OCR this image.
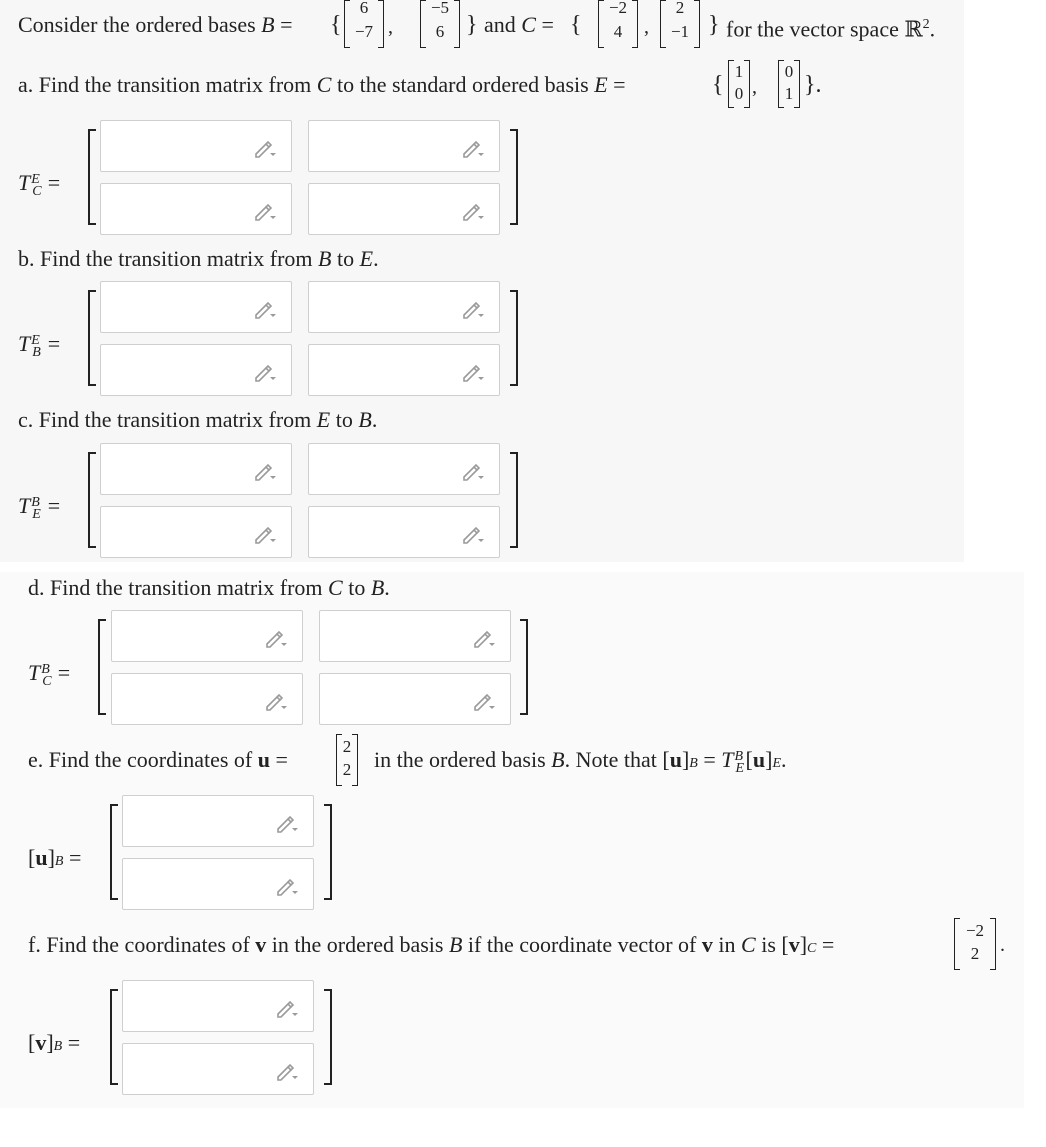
Consider the ordered bases B = {
6
−7 ,
−5
6 } and C = {
−2
4	,
2
−1 } for the vector space ℝ$^2$.
a. Find the transition matrix from C to the standard ordered basis E =	{
1
0 ,
0
1 }.
T E
C =
b. Find the transition matrix from B to E.
T E
B =
c. Find the transition matrix from E to B.
T B
E =
d. Find the transition matrix from C to B.
T B
C =
e. Find the coordinates of u =
2
2	in the ordered basis B. Note that [u]B = T B
E [u]E.
[u]B =
f. Find the coordinates of v in the ordered basis B if the coordinate vector of v in C is [v]C =
−2
2	.
[v]B =
